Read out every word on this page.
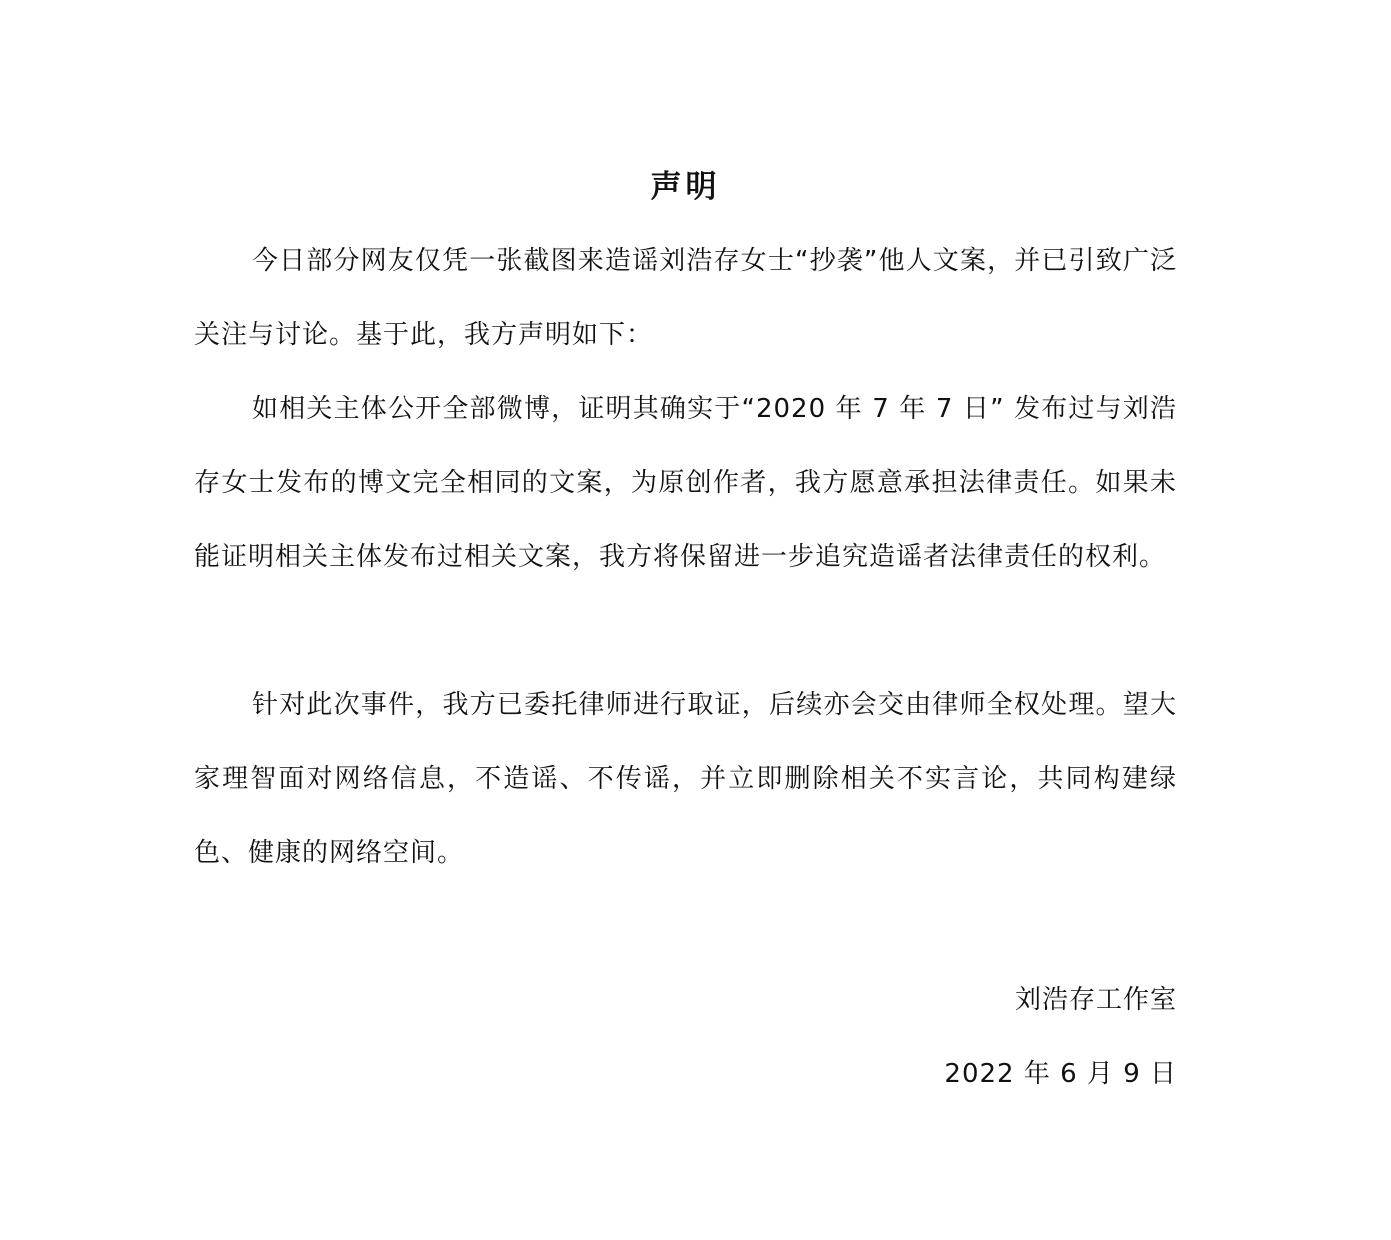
声明

今日部分网友仅凭一张截图来造谣刘浩存女士“抄袭”他人文案，并已引致广泛关注与讨论。基于此，我方声明如下：

如相关主体公开全部微博，证明其确实于“2020 年 7 年 7 日” 发布过与刘浩存女士发布的博文完全相同的文案，为原创作者，我方愿意承担法律责任。如果未能证明相关主体发布过相关文案，我方将保留进一步追究造谣者法律责任的权利。

针对此次事件，我方已委托律师进行取证，后续亦会交由律师全权处理。望大家理智面对网络信息，不造谣、不传谣，并立即删除相关不实言论，共同构建绿色、健康的网络空间。

刘浩存工作室
2022 年 6 月 9 日
